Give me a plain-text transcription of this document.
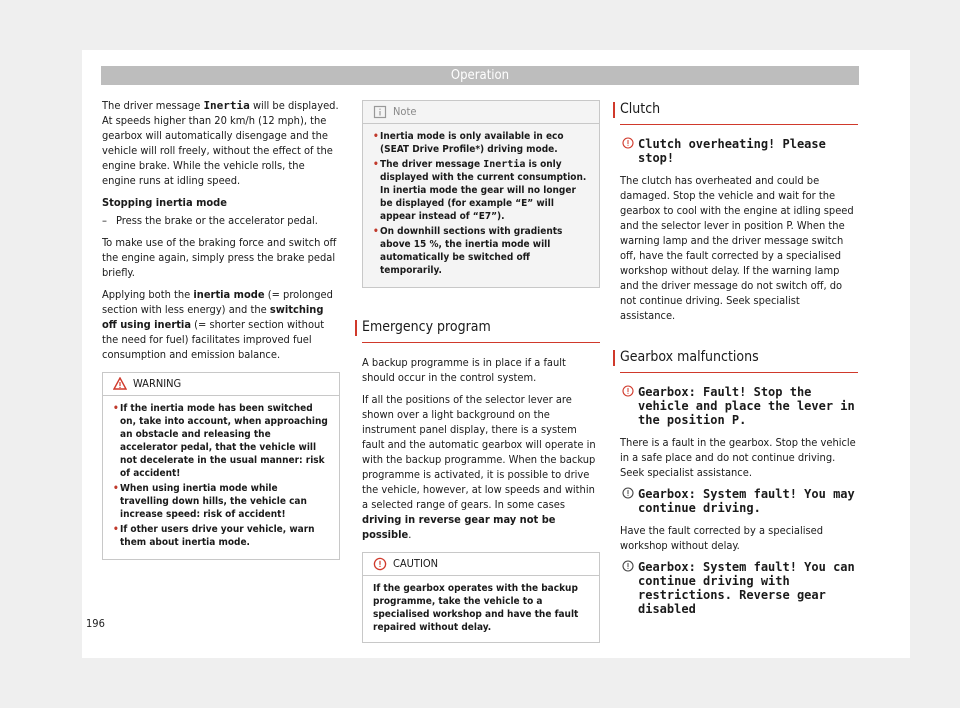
Operation

The driver message Inertia will be displayed. At speeds higher than 20 km/h (12 mph), the gearbox will automatically disengage and the vehicle will roll freely, without the effect of the engine brake. While the vehicle rolls, the engine runs at idling speed.

Stopping inertia mode

– Press the brake or the accelerator pedal.

To make use of the braking force and switch off the engine again, simply press the brake pedal briefly.

Applying both the inertia mode (= prolonged section with less energy) and the switching off using inertia (= shorter section without the need for fuel) facilitates improved fuel consumption and emission balance.

WARNING
• If the inertia mode has been switched on, take into account, when approaching an obstacle and releasing the accelerator pedal, that the vehicle will not decelerate in the usual manner: risk of accident!
• When using inertia mode while travelling down hills, the vehicle can increase speed: risk of accident!
• If other users drive your vehicle, warn them about inertia mode.
Note
• Inertia mode is only available in eco (SEAT Drive Profile*) driving mode.
• The driver message Inertia is only displayed with the current consumption. In inertia mode the gear will no longer be displayed (for example “E” will appear instead of “E7”).
• On downhill sections with gradients above 15 %, the inertia mode will automatically be switched off temporarily.
Emergency program

A backup programme is in place if a fault should occur in the control system.

If all the positions of the selector lever are shown over a light background on the instrument panel display, there is a system fault and the automatic gearbox will operate in with the backup programme. When the backup programme is activated, it is possible to drive the vehicle, however, at low speeds and within a selected range of gears. In some cases driving in reverse gear may not be possible.

CAUTION
If the gearbox operates with the backup programme, take the vehicle to a specialised workshop and have the fault repaired without delay.
Clutch
Clutch overheating! Please stop!

The clutch has overheated and could be damaged. Stop the vehicle and wait for the gearbox to cool with the engine at idling speed and the selector lever in position P. When the warning lamp and the driver message switch off, have the fault corrected by a specialised workshop without delay. If the warning lamp and the driver message do not switch off, do not continue driving. Seek specialist assistance.

Gearbox malfunctions
Gearbox: Fault! Stop the vehicle and place the lever in the position P.

There is a fault in the gearbox. Stop the vehicle in a safe place and do not continue driving. Seek specialist assistance.

Gearbox: System fault! You may continue driving.

Have the fault corrected by a specialised workshop without delay.

Gearbox: System fault! You can continue driving with restrictions. Reverse gear disabled
196
